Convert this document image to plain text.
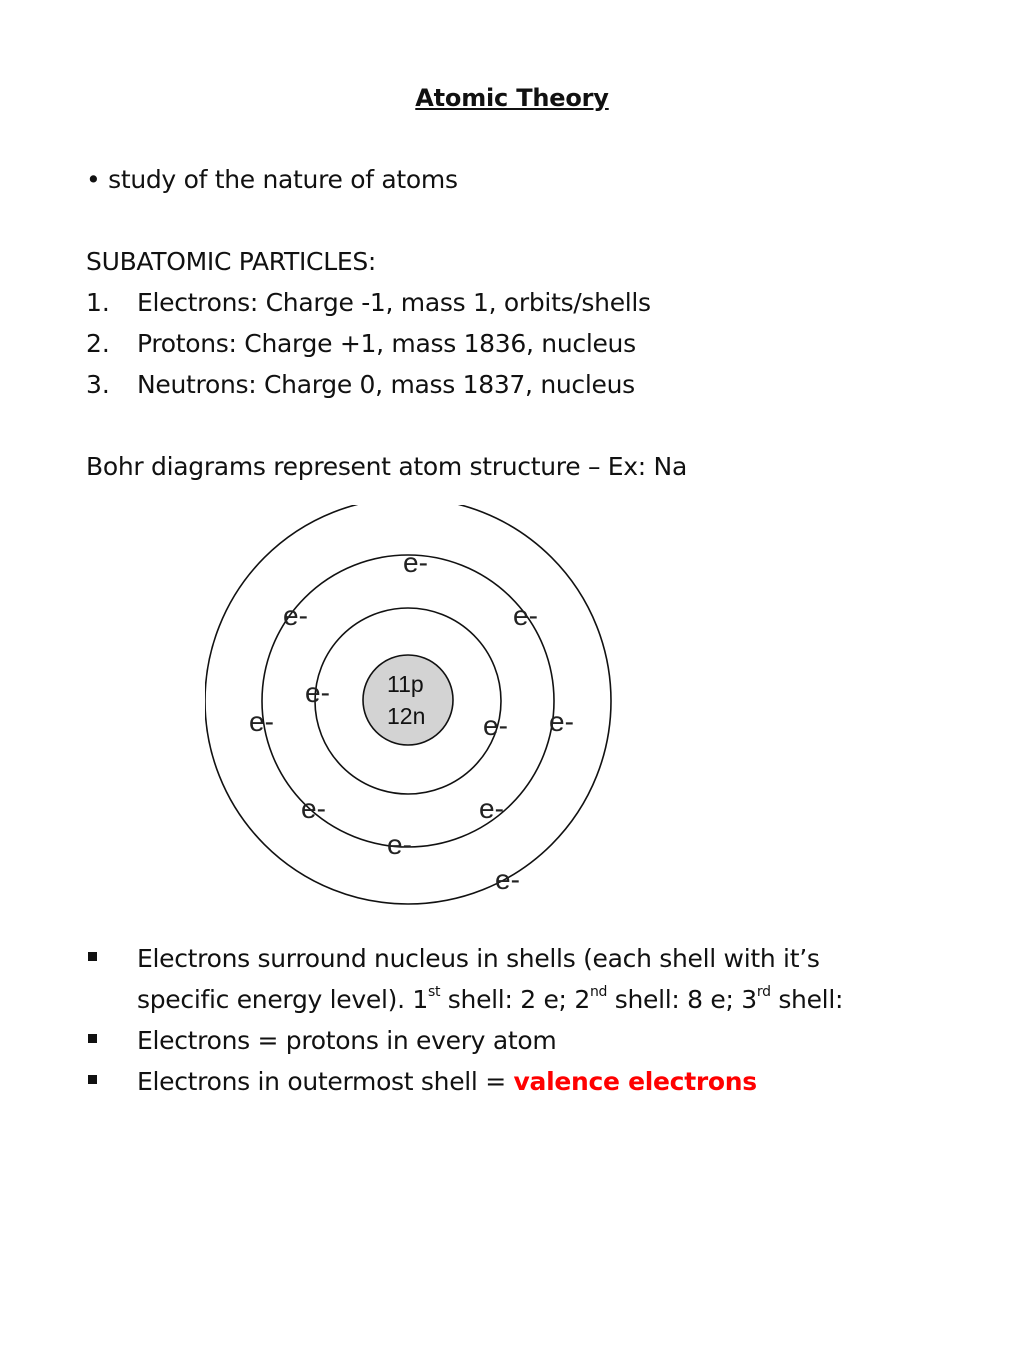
Atomic Theory
• study of the nature of atoms
SUBATOMIC PARTICLES:
1. Electrons: Charge -1, mass 1, orbits/shells
2. Protons: Charge +1, mass 1836, nucleus
3. Neutrons: Charge 0, mass 1837, nucleus
Bohr diagrams represent atom structure – Ex: Na
11p
12n
e-
e-
e-
e-	e-
e-	e-
e-	e-
e-
e-
Electrons surround nucleus in shells (each shell with it’s
specific energy level). 1st shell: 2 e; 2nd shell: 8 e; 3rd shell:
Electrons = protons in every atom
Electrons in outermost shell = valence electrons
